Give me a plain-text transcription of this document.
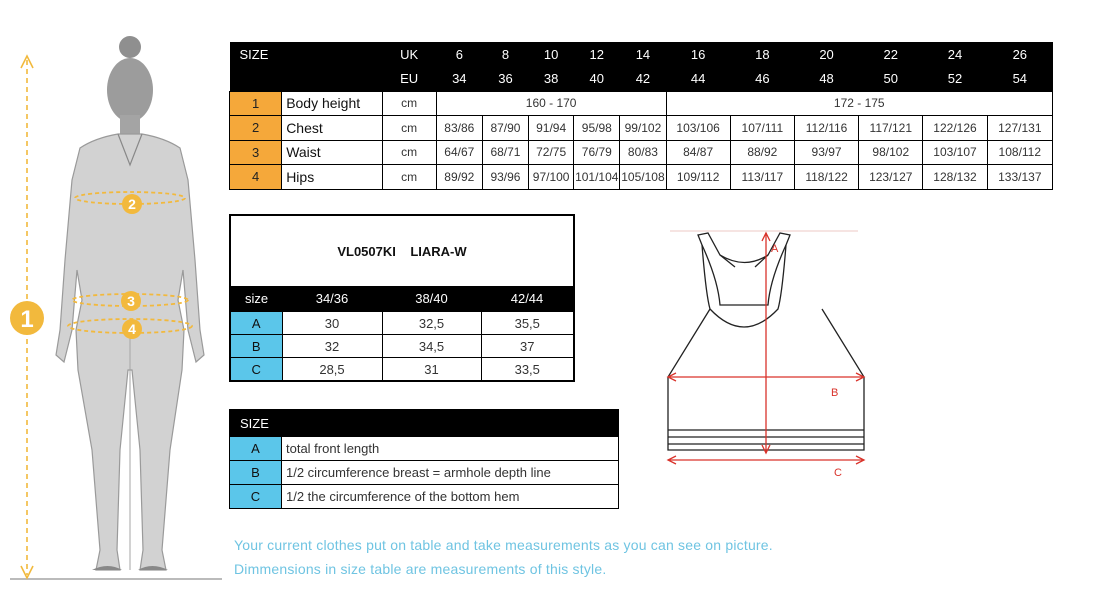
1
2
3
4
SIZE		UK	6	8	10	12	14	16	18	20	22	24	26
		EU	34	36	38	40	42	44	46	48	50	52	54
1	Body height	cm	160 - 170					172 - 175					
2	Chest	cm	83/86	87/90	91/94	95/98	99/102	103/106	107/111	112/116	117/121	122/126	127/131
3	Waist	cm	64/67	68/71	72/75	76/79	80/83	84/87	88/92	93/97	98/102	103/107	108/112
4	Hips	cm	89/92	93/96	97/100	101/104	105/108	109/112	113/117	118/122	123/127	128/132	133/137
VL0507KI LIARA-W			
size	34/36	38/40	42/44
A	30	32,5	35,5
B	32	34,5	37
C	28,5	31	33,5
SIZE	
A	total front length
B	1/2 circumference breast = armhole depth line
C	1/2 the circumference of the bottom hem
A
B
C
Your current clothes put on table and take measurements as you can see on picture.
Dimmensions in size table are measurements of this style.
